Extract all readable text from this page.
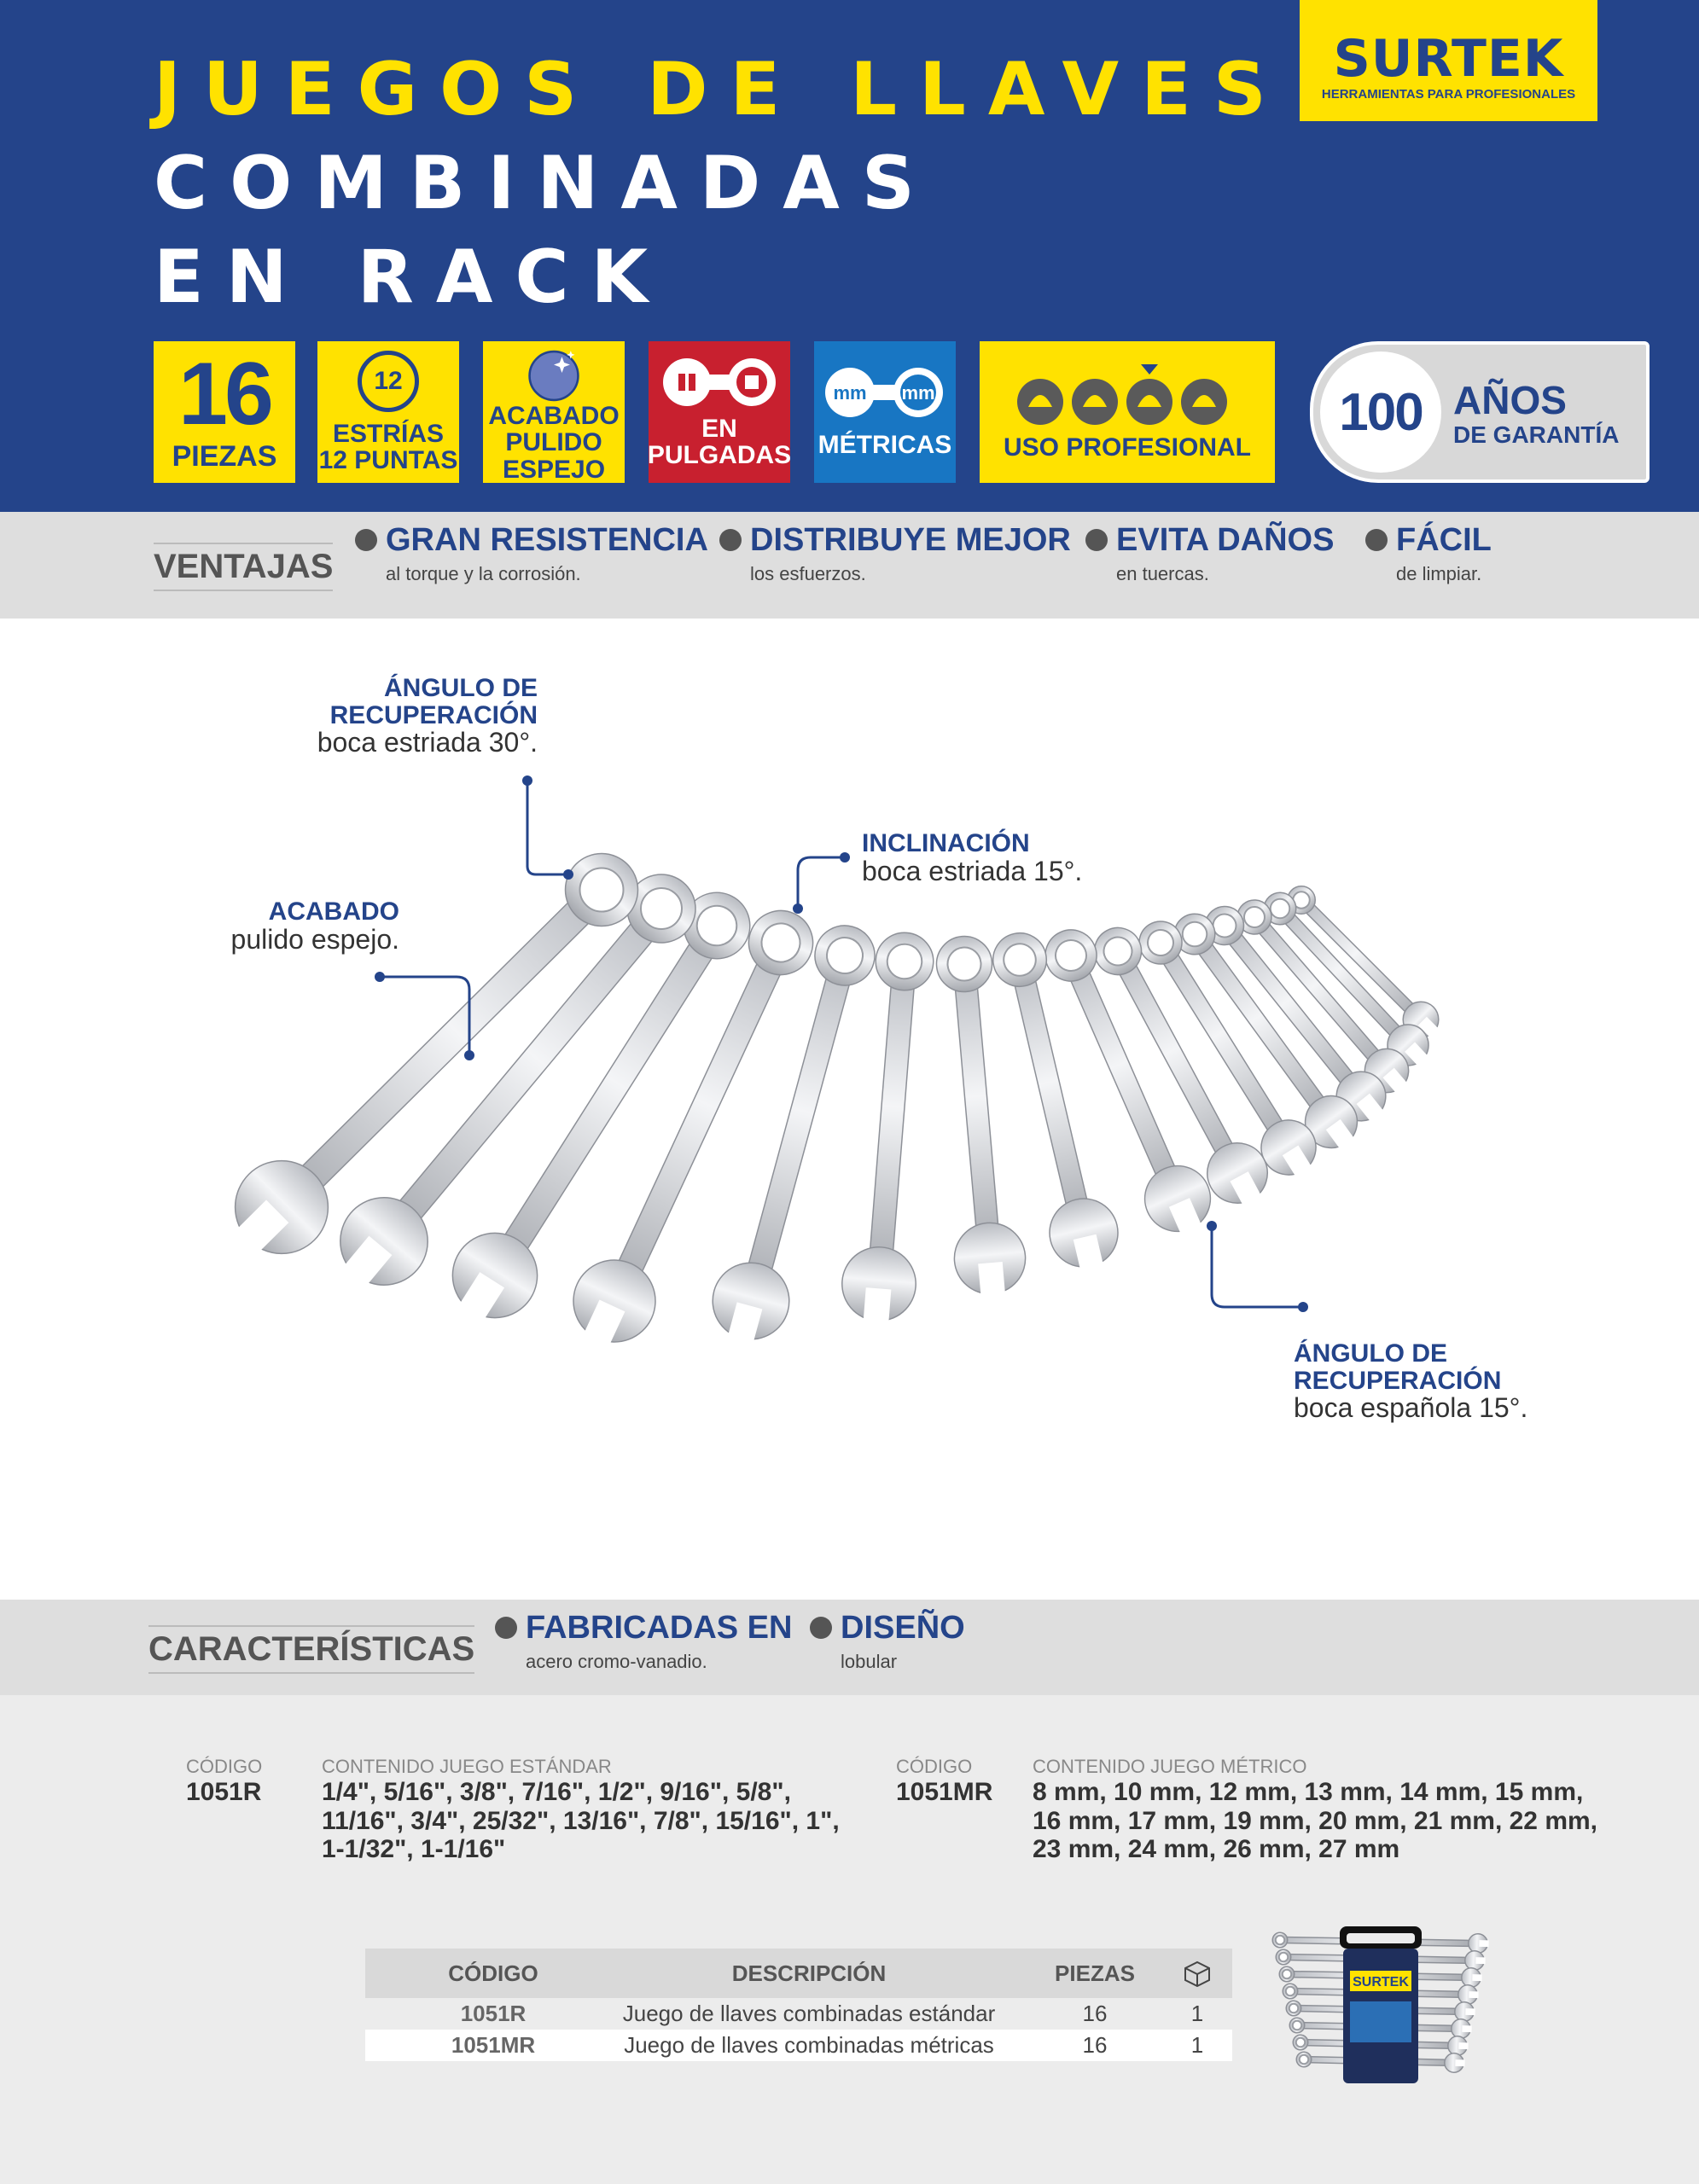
JUEGOS DE LLAVES
COMBINADAS
EN RACK
SURTEK
HERRAMIENTAS PARA PROFESIONALES
16
PIEZAS
12
ESTRÍAS
12 PUNTAS
ACABADO
PULIDO
ESPEJO
EN
PULGADAS
mm mm
MÉTRICAS USO PROFESIONAL
100 AÑOS
DE GARANTÍA
VENTAJAS
GRAN RESISTENCIA
al torque y la corrosión.
DISTRIBUYE MEJOR
los esfuerzos.
EVITA DAÑOS
en tuercas.
FÁCIL
de limpiar.
ÁNGULO DE
RECUPERACIÓN
boca estriada 30°.
ACABADO
pulido espejo.
INCLINACIÓN
boca estriada 15°.
ÁNGULO DE
RECUPERACIÓN
boca española 15°.
CARACTERÍSTICAS
FABRICADAS EN
acero cromo-vanadio.
DISEÑO
lobular
CÓDIGO
1051R
CONTENIDO JUEGO ESTÁNDAR
1/4", 5/16", 3/8", 7/16", 1/2", 9/16", 5/8",
11/16", 3/4", 25/32", 13/16", 7/8", 15/16", 1",
1-1/32", 1-1/16"
CÓDIGO
1051MR
CONTENIDO JUEGO MÉTRICO
8 mm, 10 mm, 12 mm, 13 mm, 14 mm, 15 mm,
16 mm, 17 mm, 19 mm, 20 mm, 21 mm, 22 mm,
23 mm, 24 mm, 26 mm, 27 mm
CÓDIGO	DESCRIPCIÓN	PIEZAS
1051R	Juego de llaves combinadas estándar	16	1
1051MR	Juego de llaves combinadas métricas	16	1
SURTEK
